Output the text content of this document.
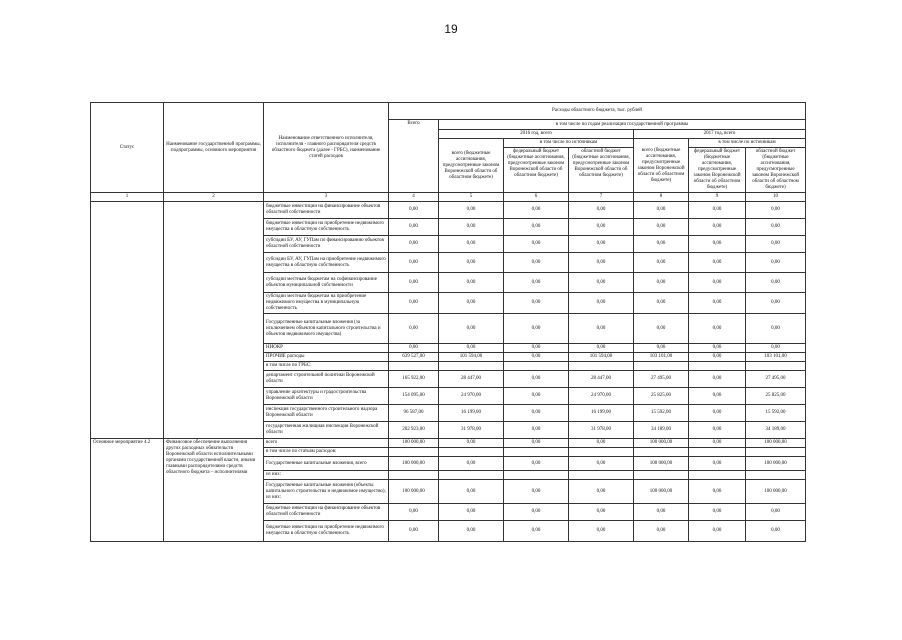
19
Статус	Наименование государственной программы, подпрограммы, основного мероприятия	Наименование ответственного исполнителя, исполнителя - главного распорядителя средств областного бюджета (далее - ГРБС), наименование статей расходов	Расходы областного бюджета, тыс. рублей						
			Всего	в том числе по годам реализации государственной программы					
				2016 год, всего			2017 год, всего		
				всего (бюджетные ассигнования, предусмотренные законом Воронежской области об областном бюджете)	в том числе по источникам		всего (бюджетные ассигнования, предусмотренные законом Воронежской области об областном бюджете)	в том числе по источникам	
					федеральный бюджет (бюджетные ассигнования, предусмотренные законом Воронежской области об областном бюджете)	областной бюджет (бюджетные ассигнования, предусмотренные законом Воронежской области об областном бюджете)		федеральный бюджет (бюджетные ассигнования, предусмотренные законом Воронежской области об областном бюджете)	областной бюджет (бюджетные ассигнования, предусмотренные законом Воронежской области об областном бюджете)
1	2	3	4	5	6	7	8	9	10
		бюджетные инвестиции на финансирование объектов областной собственности	0,00	0,00	0,00	0,00	0,00	0,00	0,00
		бюджетные инвестиции на приобретение недвижимого имущества в областную собственность	0,00	0,00	0,00	0,00	0,00	0,00	0,00
		субсидии БУ, АУ, ГУПам по финансированию объектов областной собственности	0,00	0,00	0,00	0,00	0,00	0,00	0,00
		субсидии БУ, АУ, ГУПам на приобретение недвижимого имущества в областную собственность	0,00	0,00	0,00	0,00	0,00	0,00	0,00
		субсидии местным бюджетам на софинансирование объектов муниципальной собственности	0,00	0,00	0,00	0,00	0,00	0,00	0,00
		субсидии местным бюджетам на приобретение недвижимого имущества в муниципальную собственность	0,00	0,00	0,00	0,00	0,00	0,00	0,00
		Государственные капитальные вложения (за исключением объектов капитального строительства и объектов недвижимого имущества)	0,00	0,00	0,00	0,00	0,00	0,00	0,00
		НИОКР	0,00	0,00	0,00	0,00	0,00	0,00	0,00
		ПРОЧИЕ расходы	639 527,00	101 594,00	0,00	101 594,00	103 101,00	0,00	103 101,00
		в том числе по ГРБС:							
		департамент строительной политики Воронежской области	165 922,00	28 447,00	0,00	28 447,00	27 495,00	0,00	27 495,00
		управление архитектуры и градостроительства Воронежской области	154 095,00	24 970,00	0,00	24 970,00	25 825,00	0,00	25 825,00
		инспекция государственного строительного надзора Воронежской области	96 587,00	16 199,00	0,00	16 199,00	15 592,00	0,00	15 592,00
		государственная жилищная инспекция Воронежской области	202 923,00	31 978,00	0,00	31 978,00	34 189,00	0,00	34 189,00
Основное мероприятие 4.2	Финансовое обеспечение выполнения других расходных обязательств Воронежской области исполнительными органами государственной власти, иными главными распорядителями средств областного бюджета – исполнителями	всего	100 000,00	0,00	0,00	0,00	100 000,00	0,00	100 000,00
		в том числе по статьям расходов:							
		Государственные капитальные вложения, всего	100 000,00	0,00	0,00	0,00	100 000,00	0,00	100 000,00
		из них:							
		Государственные капитальные вложения (объекты капитального строительства и недвижимое имущество), из них:	100 000,00	0,00	0,00	0,00	100 000,00	0,00	100 000,00
		бюджетные инвестиции на финансирование объектов областной собственности	0,00	0,00	0,00	0,00	0,00	0,00	0,00
		бюджетные инвестиции на приобретение недвижимого имущества в областную собственность	0,00	0,00	0,00	0,00	0,00	0,00	0,00
